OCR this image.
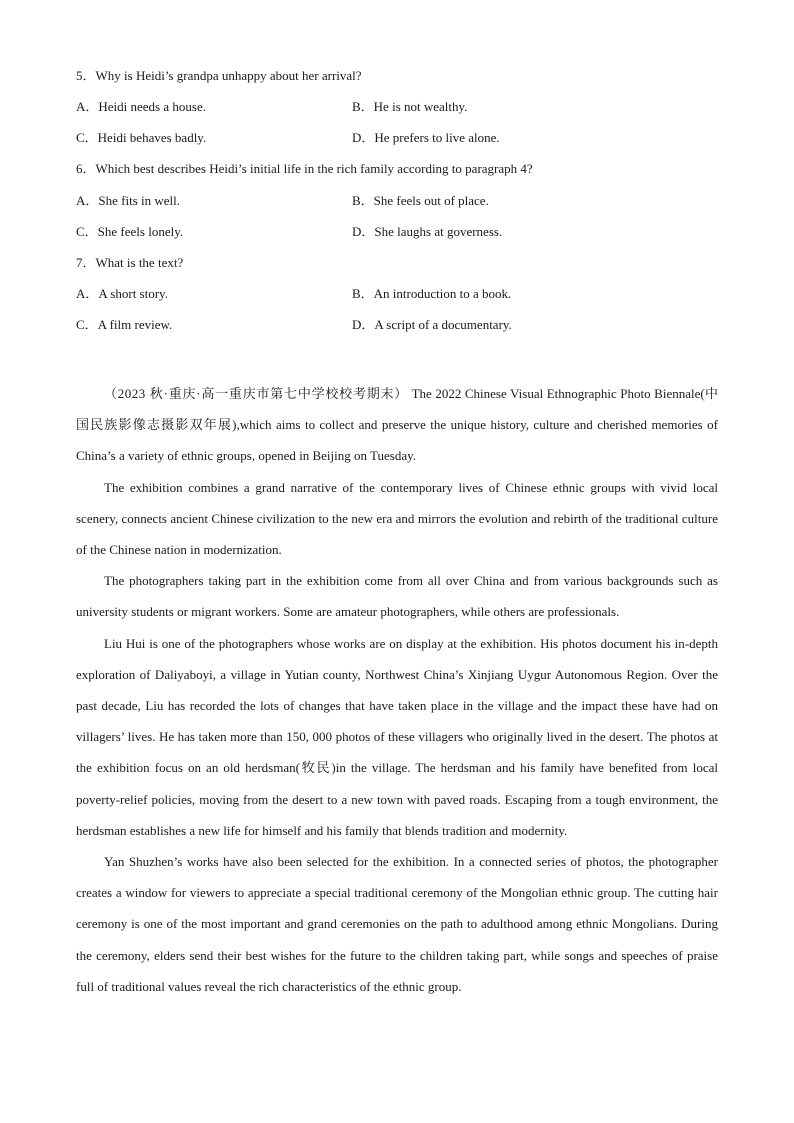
5．Why is Heidi’s grandpa unhappy about her arrival?
A．Heidi needs a house.	B．He is not wealthy.
C．Heidi behaves badly.	D．He prefers to live alone.
6．Which best describes Heidi’s initial life in the rich family according to paragraph 4?
A．She fits in well.	B．She feels out of place.
C．She feels lonely.	D．She laughs at governess.
7．What is the text?
A．A short story.	B．An introduction to a book.
C．A film review.	D．A script of a documentary.

（2023 秋·重庆·高一重庆市第七中学校校考期末） The 2022 Chinese Visual Ethnographic Photo Biennale(中国民族影像志摄影双年展),which aims to collect and preserve the unique history, culture and cherished memories of China’s a variety of ethnic groups, opened in Beijing on Tuesday.

The exhibition combines a grand narrative of the contemporary lives of Chinese ethnic groups with vivid local scenery, connects ancient Chinese civilization to the new era and mirrors the evolution and rebirth of the traditional culture of the Chinese nation in modernization.

The photographers taking part in the exhibition come from all over China and from various backgrounds such as university students or migrant workers. Some are amateur photographers, while others are professionals.

Liu Hui is one of the photographers whose works are on display at the exhibition. His photos document his in-depth exploration of Daliyaboyi, a village in Yutian county, Northwest China’s Xinjiang Uygur Autonomous Region. Over the past decade, Liu has recorded the lots of changes that have taken place in the village and the impact these have had on villagers’ lives. He has taken more than 150, 000 photos of these villagers who originally lived in the desert. The photos at the exhibition focus on an old herdsman(牧民)in the village. The herdsman and his family have benefited from local poverty-relief policies, moving from the desert to a new town with paved roads. Escaping from a tough environment, the herdsman establishes a new life for himself and his family that blends tradition and modernity.

Yan Shuzhen’s works have also been selected for the exhibition. In a connected series of photos, the photographer creates a window for viewers to appreciate a special traditional ceremony of the Mongolian ethnic group. The cutting hair ceremony is one of the most important and grand ceremonies on the path to adulthood among ethnic Mongolians. During the ceremony, elders send their best wishes for the future to the children taking part, while songs and speeches of praise full of traditional values reveal the rich characteristics of the ethnic group.
